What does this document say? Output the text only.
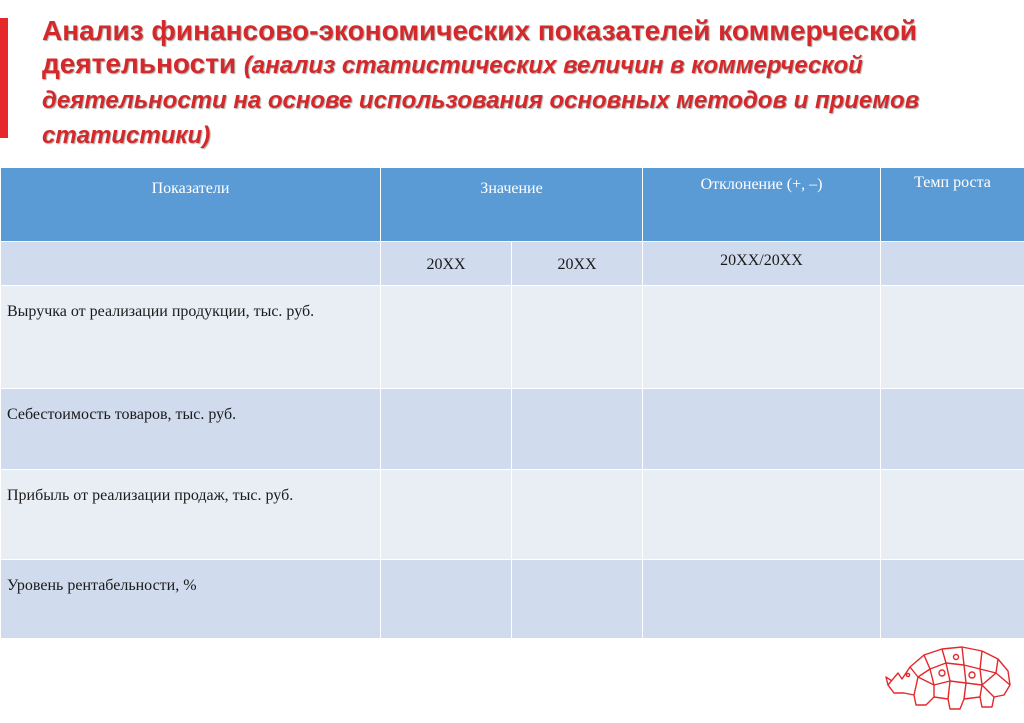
Анализ финансово-экономических показателей коммерческой деятельности (анализ статистических величин в коммерческой деятельности на основе использования основных методов и приемов статистики)
Показатели	Значение		Отклонение (+, –)	Темп роста

	20ХХ	20ХХ	20ХХ/20ХХ	

Выручка от реализации продукции, тыс. руб.				

Себестоимость товаров, тыс. руб.				

Прибыль от реализации продаж, тыс. руб.				

Уровень рентабельности, %				
